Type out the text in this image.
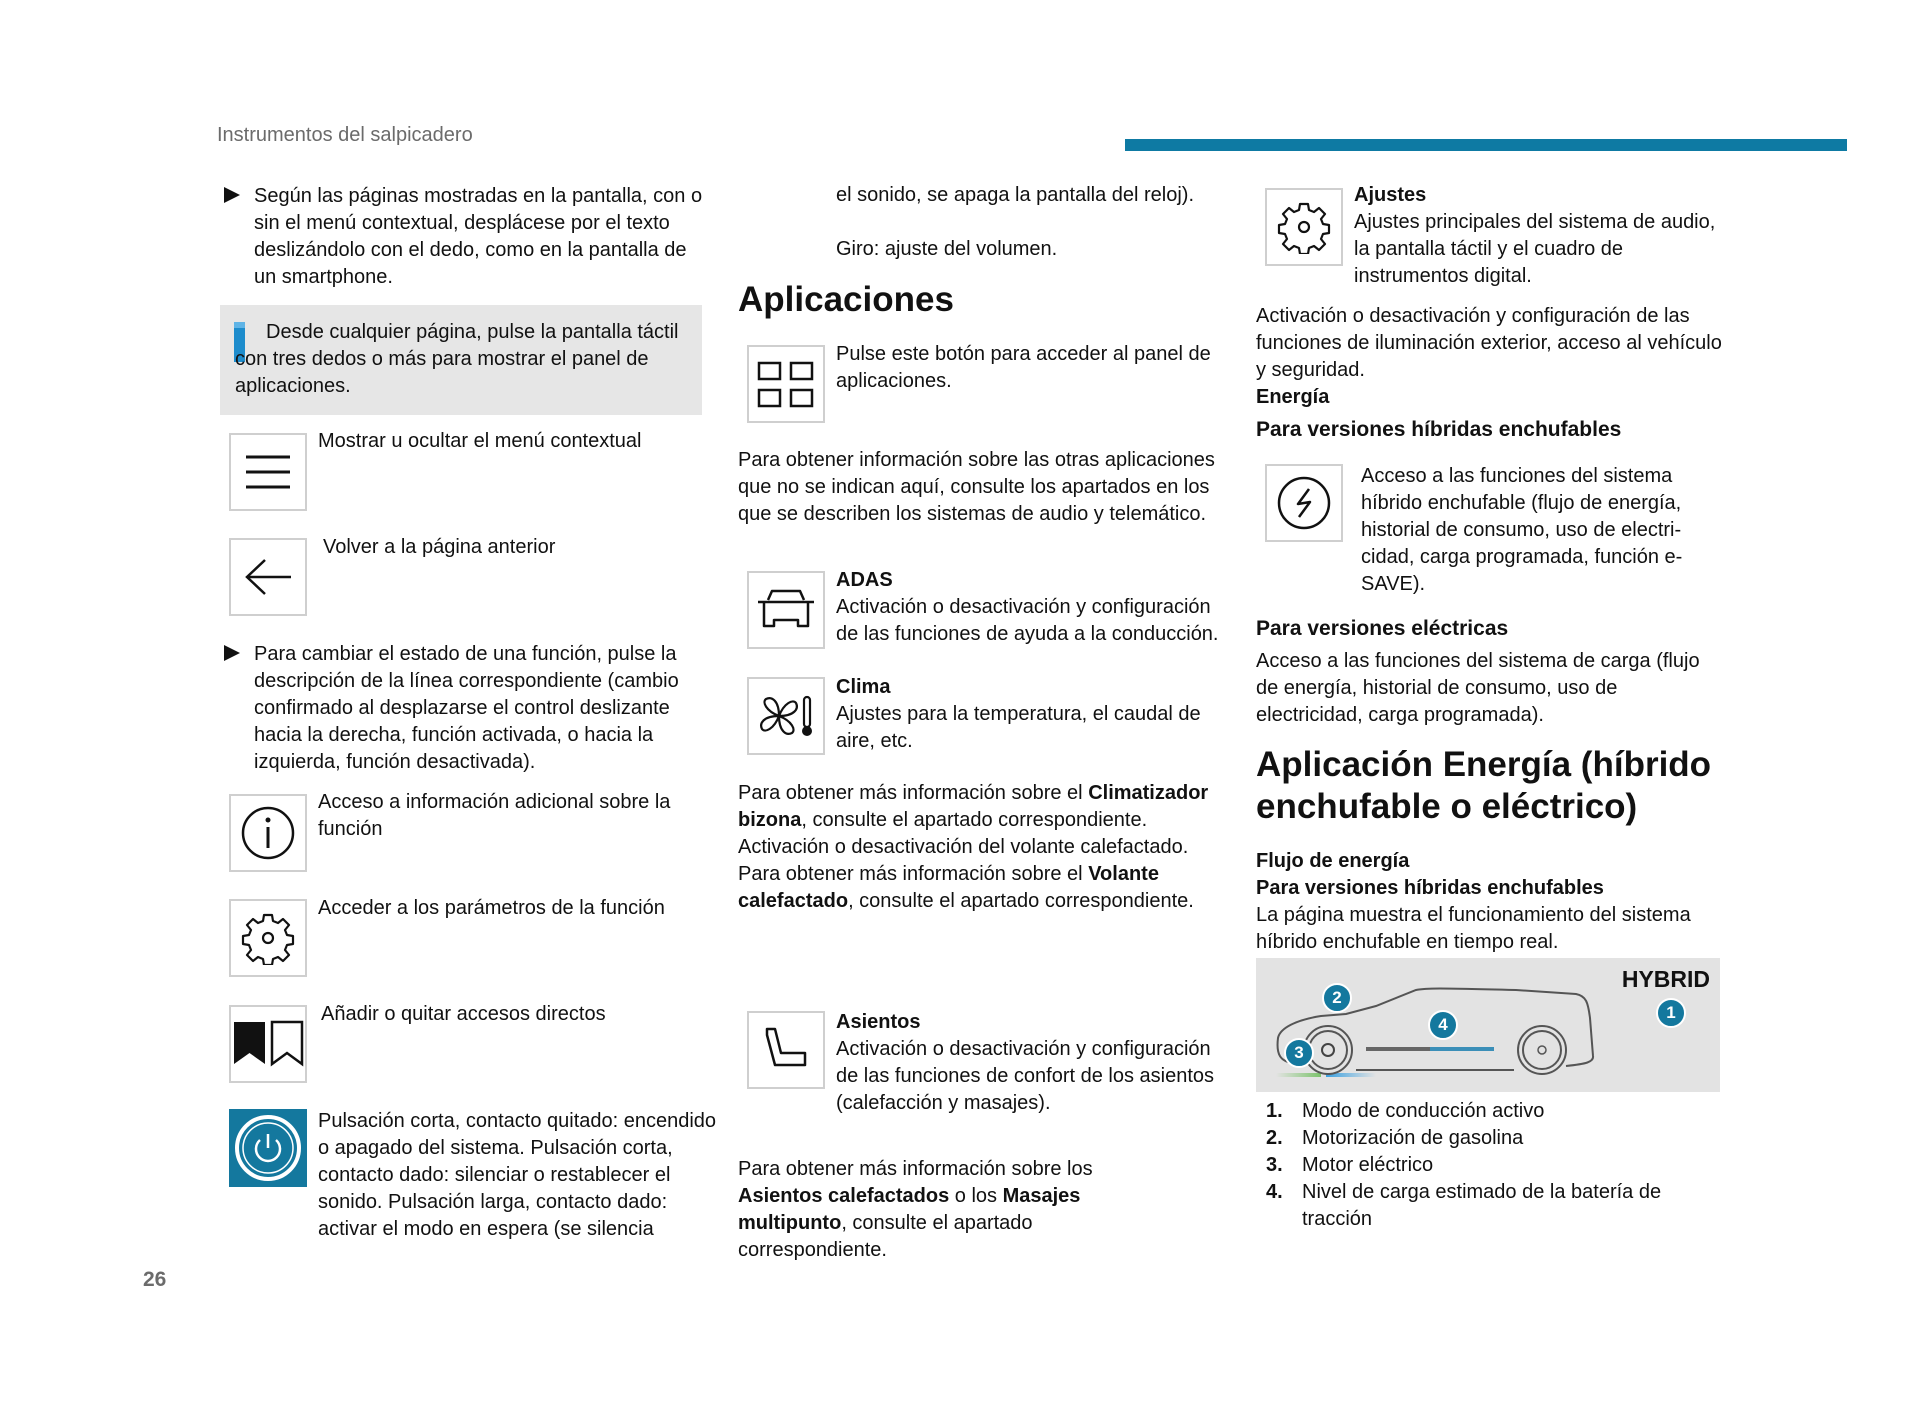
Instrumentos del salpicadero

Según las páginas mostradas en la pantalla, con o sin el menú contextual, desplácese por el texto deslizándolo con el dedo, como en la pantalla de un smartphone.

Desde cualquier página, pulse la pantalla táctil con tres dedos o más para mostrar el panel de aplicaciones.

Mostrar u ocultar el menú contextual

Volver a la página anterior

Para cambiar el estado de una función, pulse la descripción de la línea correspondiente (cambio confirmado al desplazarse el control deslizante hacia la derecha, función activada, o hacia la izquierda, función desactivada).

Acceso a información adicional sobre la función

Acceder a los parámetros de la función

Añadir o quitar accesos directos

Pulsación corta, contacto quitado: encendido o apagado del sistema. Pulsación corta, contacto dado: silenciar o restablecer el sonido. Pulsación larga, contacto dado: activar el modo en espera (se silencia

26

el sonido, se apaga la pantalla del reloj).

Giro: ajuste del volumen.

Aplicaciones

Pulse este botón para acceder al panel de aplicaciones.

Para obtener información sobre las otras aplicaciones que no se indican aquí, consulte los apartados en los que se describen los sistemas de audio y telemático.

ADAS

Activación o desactivación y configuración de las funciones de ayuda a la conducción.

Clima

Ajustes para la temperatura, el caudal de aire, etc.

Para obtener más información sobre el Climatizador bizona, consulte el apartado correspondiente.

Activación o desactivación del volante calefactado.

Para obtener más información sobre el Volante calefactado, consulte el apartado correspondiente.

Asientos

Activación o desactivación y configuración de las funciones de confort de los asientos (calefacción y masajes).

Para obtener más información sobre los Asientos calefactados o los Masajes multipunto, consulte el apartado correspondiente.

Ajustes

Ajustes principales del sistema de audio, la pantalla táctil y el cuadro de instrumentos digital.

Activación o desactivación y configuración de las funciones de iluminación exterior, acceso al vehículo y seguridad.

Energía

Para versiones híbridas enchufables

Acceso a las funciones del sistema híbrido enchufable (flujo de energía, historial de consumo, uso de electri-cidad, carga programada, función e-SAVE).

Para versiones eléctricas

Acceso a las funciones del sistema de carga (flujo de energía, historial de consumo, uso de electricidad, carga programada).

Aplicación Energía (híbrido enchufable o eléctrico)

Flujo de energía

Para versiones híbridas enchufables

La página muestra el funcionamiento del sistema híbrido enchufable en tiempo real.

HYBRID
1
2
3
4
1. Modo de conducción activo
2. Motorización de gasolina
3. Motor eléctrico
4. Nivel de carga estimado de la batería de tracción
